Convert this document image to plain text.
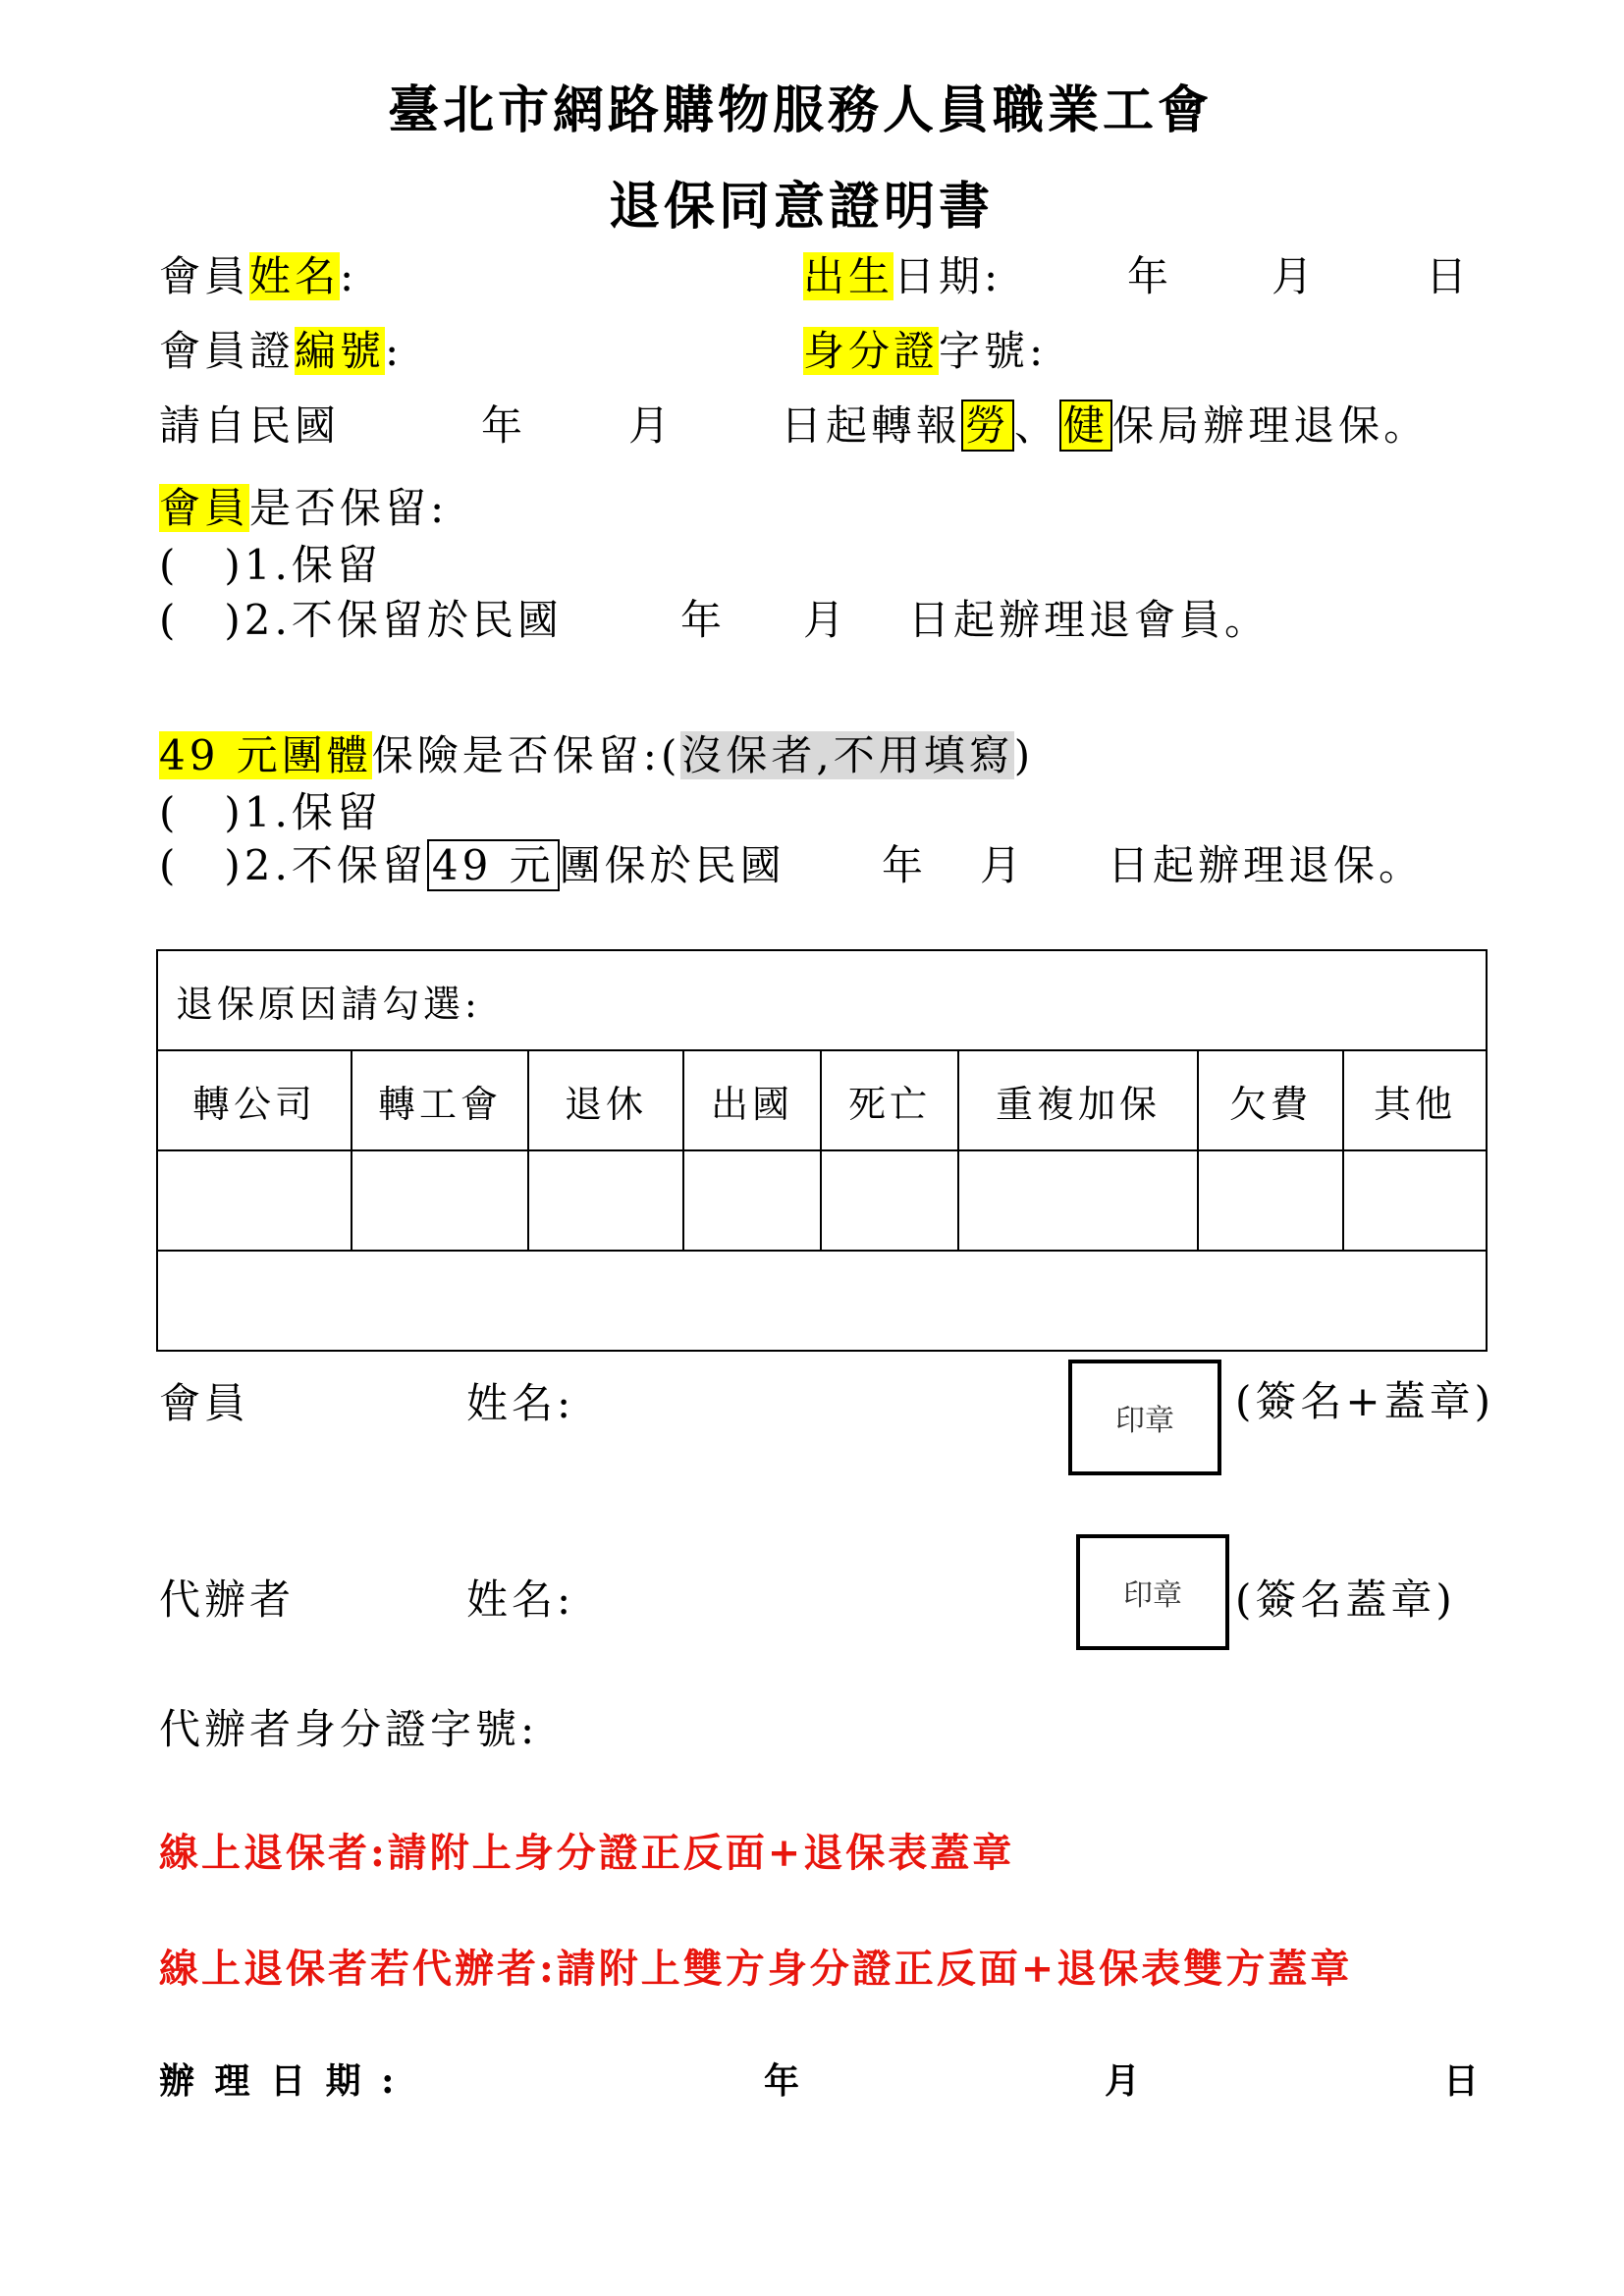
臺北市網路購物服務人員職業工會
退保同意證明書
會員姓名:	出生日期:	年 月	日
會員證編號:	身分證字號:
請自民國	年 月	日起轉報勞、健保局辦理退保。
會員是否保留:
(　)1.保留
(　)2.不保留於民國	年 月 日起辦理退會員。
49 元團體保險是否保留:(沒保者,不用填寫)
(　)1.保留
(　)2.不保留 49 元 團保於民國 年 月 日起辦理退保。
退保原因請勾選:							
轉公司	轉工會	退休	出國	死亡	重複加保	欠費	其他

會員	姓名:	印章	(簽名+蓋章)
代辦者	姓名:	印章	(簽名蓋章)
代辦者身分證字號:
線上退保者:請附上身分證正反面+退保表蓋章
線上退保者若代辦者:請附上雙方身分證正反面+退保表雙方蓋章
辦 理 日 期 :	年	月	日
